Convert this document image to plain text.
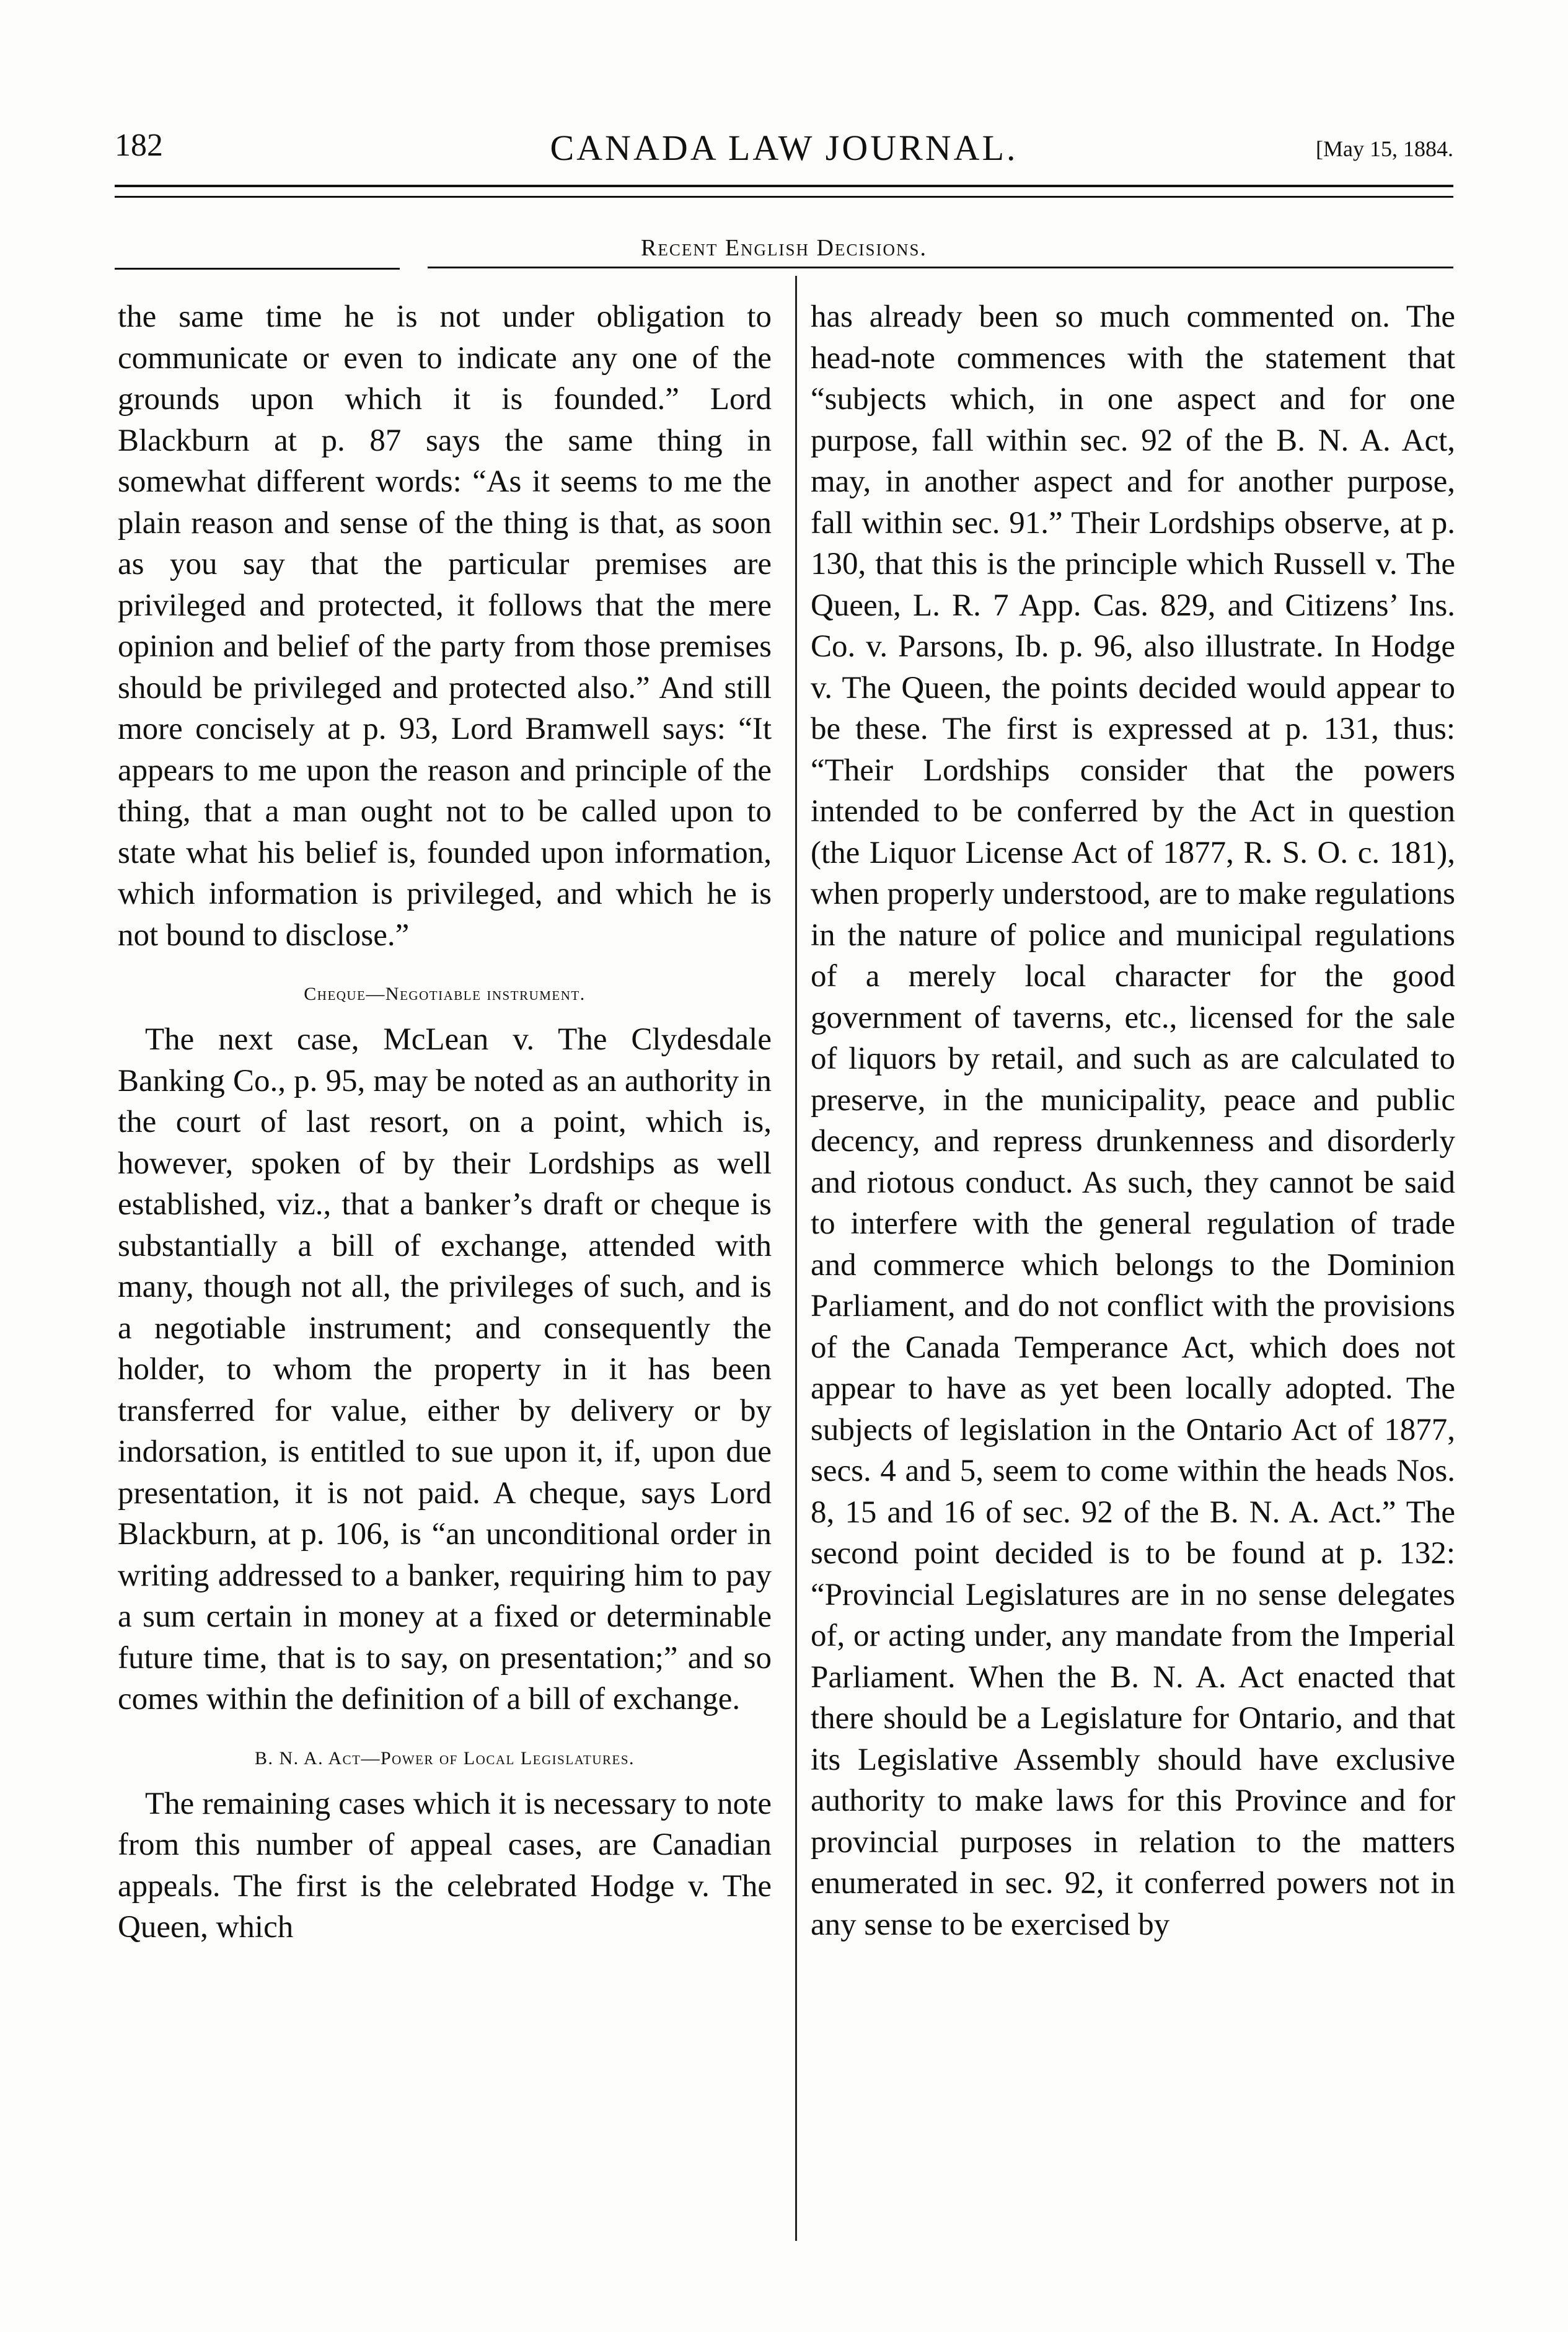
182	CANADA LAW JOURNAL.	[May 15, 1884.
Recent English Decisions.

the same time he is not under obligation to communicate or even to indicate any one of the grounds upon which it is founded.” Lord Blackburn at p. 87 says the same thing in somewhat different words: “As it seems to me the plain reason and sense of the thing is that, as soon as you say that the particular premises are privileged and protected, it follows that the mere opinion and belief of the party from those premises should be privileged and protected also.” And still more concisely at p. 93, Lord Bramwell says: “It appears to me upon the reason and principle of the thing, that a man ought not to be called upon to state what his belief is, founded upon information, which information is privileged, and which he is not bound to disclose.”

Cheque—Negotiable instrument.

The next case, McLean v. The Clydesdale Banking Co., p. 95, may be noted as an authority in the court of last resort, on a point, which is, however, spoken of by their Lordships as well established, viz., that a banker’s draft or cheque is substantially a bill of exchange, attended with many, though not all, the privileges of such, and is a negotiable instrument; and consequently the holder, to whom the property in it has been transferred for value, either by delivery or by indorsation, is entitled to sue upon it, if, upon due presentation, it is not paid. A cheque, says Lord Blackburn, at p. 106, is “an unconditional order in writing addressed to a banker, requiring him to pay a sum certain in money at a fixed or determinable future time, that is to say, on presentation;” and so comes within the definition of a bill of exchange.

B. N. A. Act—Power of Local Legislatures.

The remaining cases which it is necessary to note from this number of appeal cases, are Canadian appeals. The first is the celebrated Hodge v. The Queen, which

has already been so much commented on. The head-note commences with the statement that “subjects which, in one aspect and for one purpose, fall within sec. 92 of the B. N. A. Act, may, in another aspect and for another purpose, fall within sec. 91.” Their Lordships observe, at p. 130, that this is the principle which Russell v. The Queen, L. R. 7 App. Cas. 829, and Citizens’ Ins. Co. v. Parsons, Ib. p. 96, also illustrate. In Hodge v. The Queen, the points decided would appear to be these. The first is expressed at p. 131, thus: “Their Lordships consider that the powers intended to be conferred by the Act in question (the Liquor License Act of 1877, R. S. O. c. 181), when properly understood, are to make regulations in the nature of police and municipal regulations of a merely local character for the good government of taverns, etc., licensed for the sale of liquors by retail, and such as are calculated to preserve, in the municipality, peace and public decency, and repress drunkenness and disorderly and riotous conduct. As such, they cannot be said to interfere with the general regulation of trade and commerce which belongs to the Dominion Parliament, and do not conflict with the provisions of the Canada Temperance Act, which does not appear to have as yet been locally adopted. The subjects of legislation in the Ontario Act of 1877, secs. 4 and 5, seem to come within the heads Nos. 8, 15 and 16 of sec. 92 of the B. N. A. Act.” The second point decided is to be found at p. 132: “Provincial Legislatures are in no sense delegates of, or acting under, any mandate from the Imperial Parliament. When the B. N. A. Act enacted that there should be a Legislature for Ontario, and that its Legislative Assembly should have exclusive authority to make laws for this Province and for provincial purposes in relation to the matters enumerated in sec. 92, it conferred powers not in any sense to be exercised by
